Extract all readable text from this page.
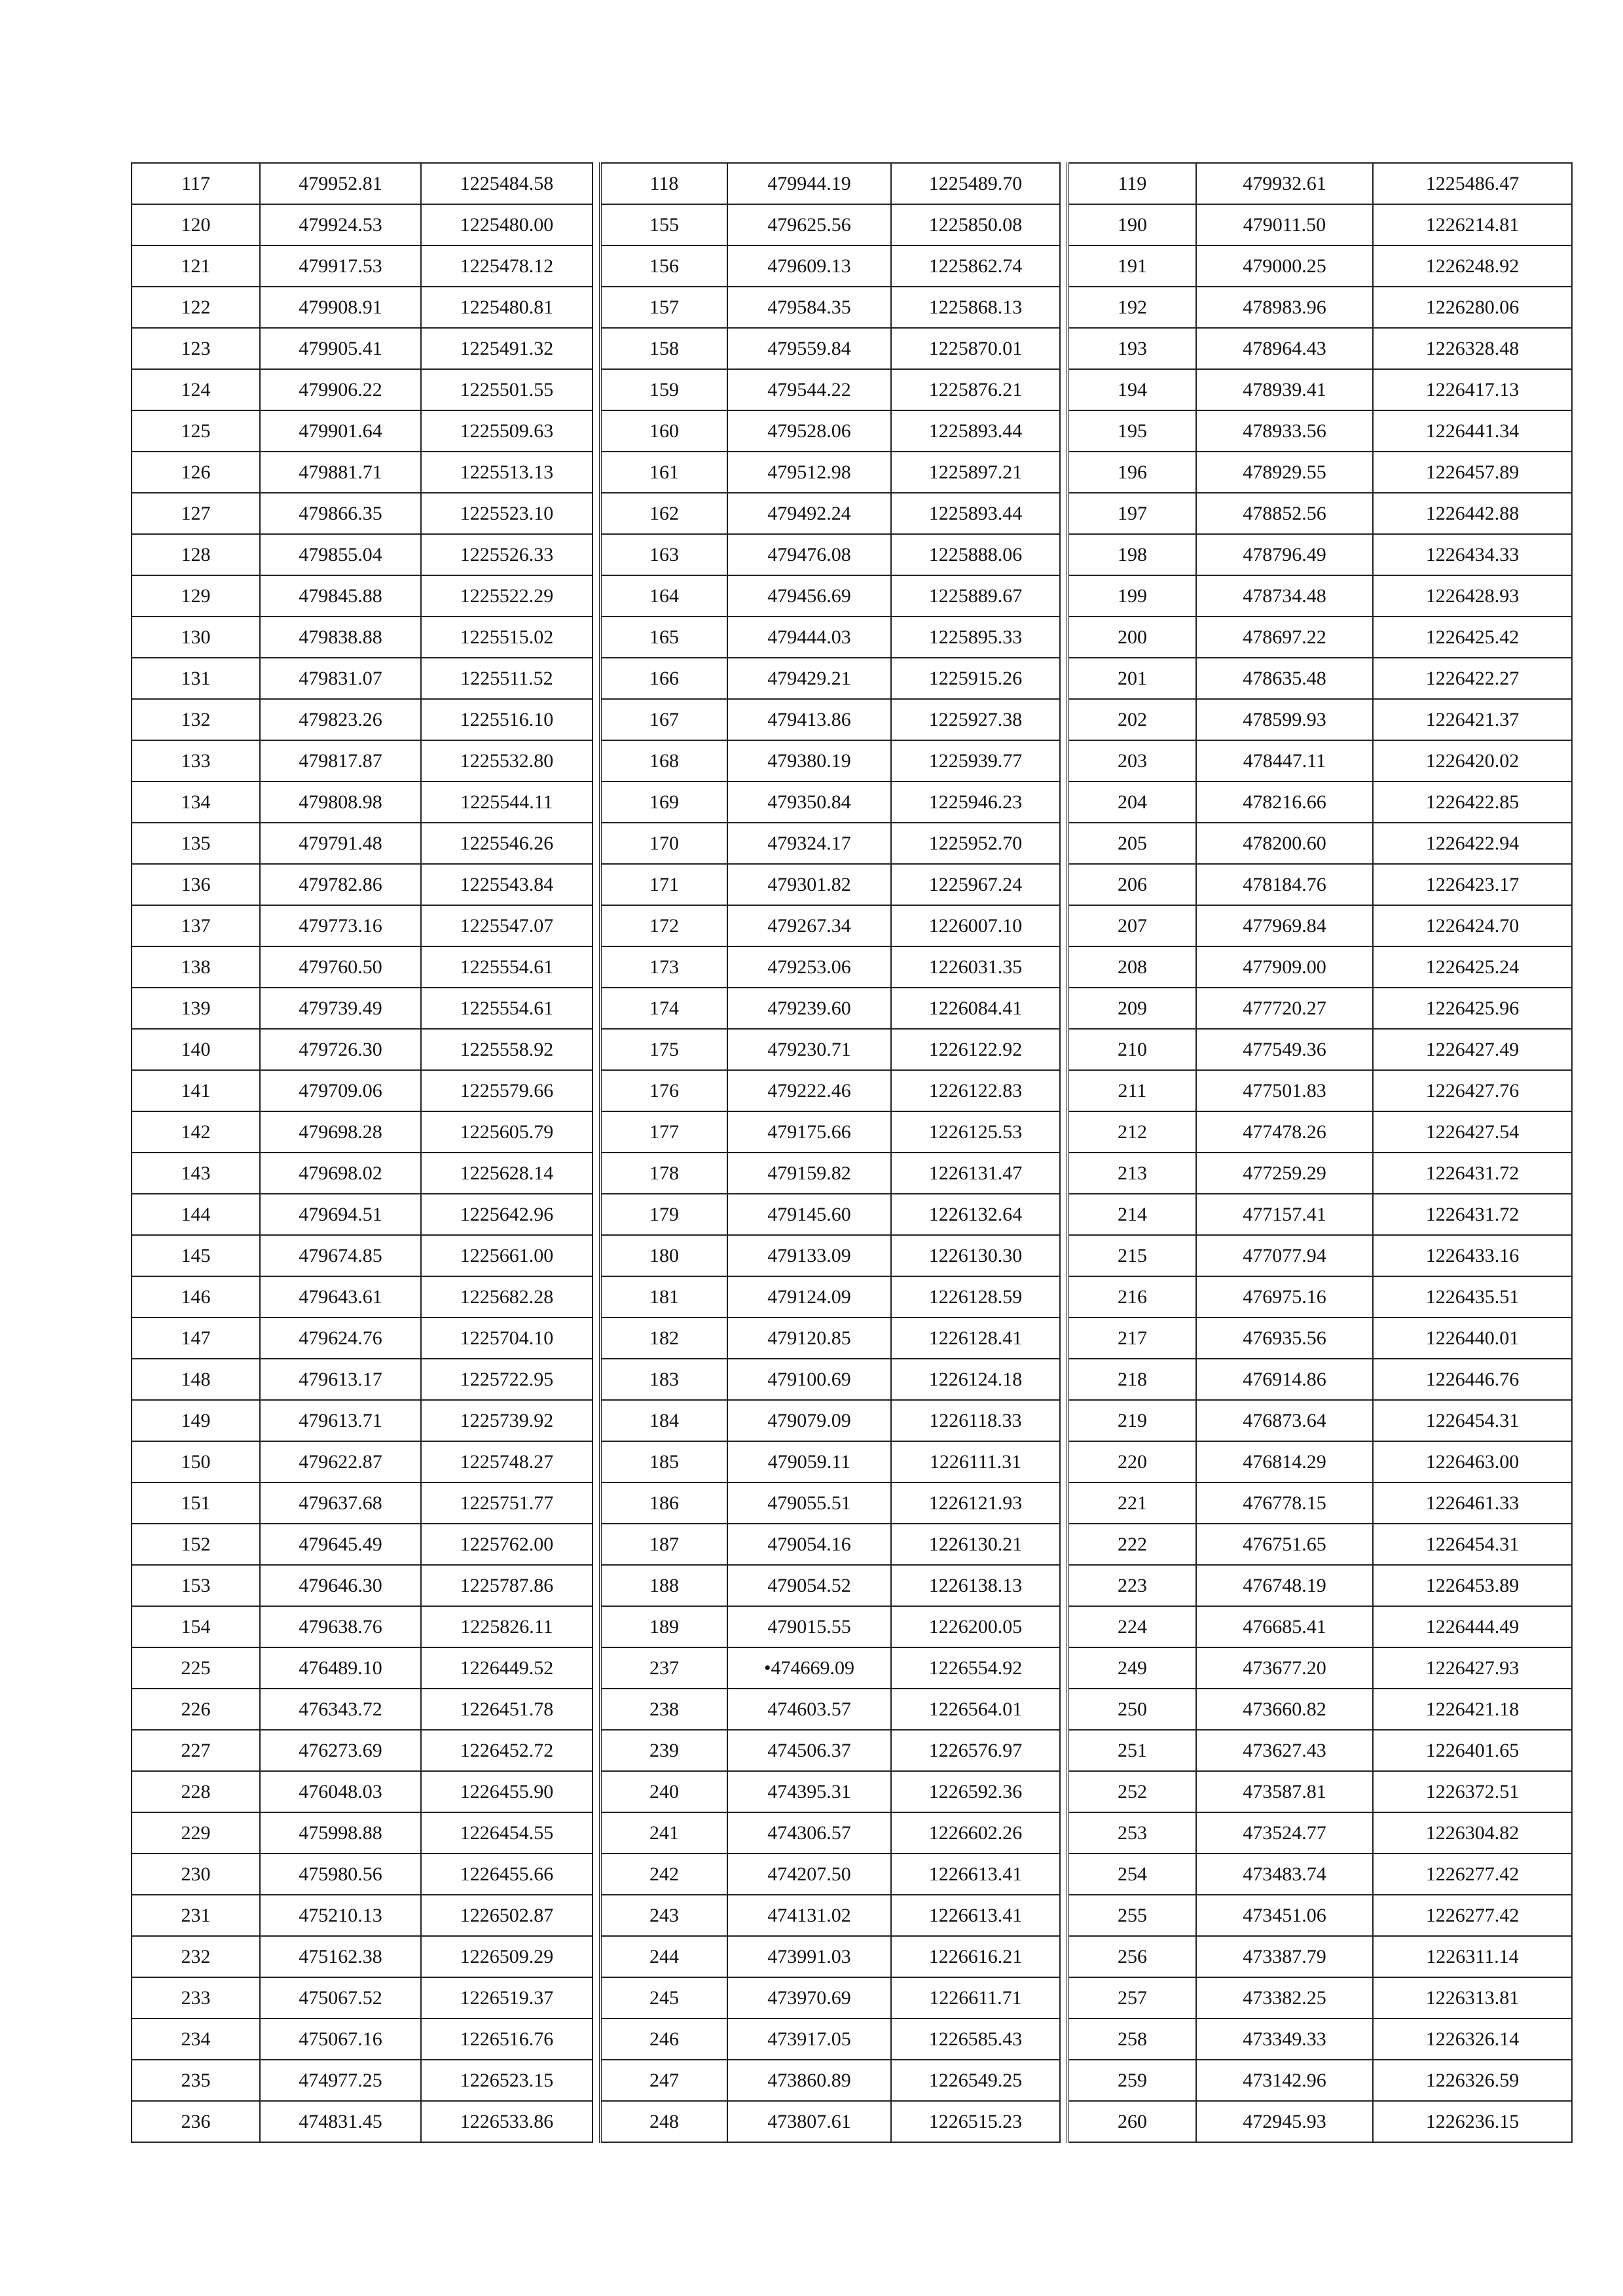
117	479952.81	1225484.58		118	479944.19	1225489.70		119	479932.61	1225486.47
120	479924.53	1225480.00		155	479625.56	1225850.08		190	479011.50	1226214.81
121	479917.53	1225478.12		156	479609.13	1225862.74		191	479000.25	1226248.92
122	479908.91	1225480.81		157	479584.35	1225868.13		192	478983.96	1226280.06
123	479905.41	1225491.32		158	479559.84	1225870.01		193	478964.43	1226328.48
124	479906.22	1225501.55		159	479544.22	1225876.21		194	478939.41	1226417.13
125	479901.64	1225509.63		160	479528.06	1225893.44		195	478933.56	1226441.34
126	479881.71	1225513.13		161	479512.98	1225897.21		196	478929.55	1226457.89
127	479866.35	1225523.10		162	479492.24	1225893.44		197	478852.56	1226442.88
128	479855.04	1225526.33		163	479476.08	1225888.06		198	478796.49	1226434.33
129	479845.88	1225522.29		164	479456.69	1225889.67		199	478734.48	1226428.93
130	479838.88	1225515.02		165	479444.03	1225895.33		200	478697.22	1226425.42
131	479831.07	1225511.52		166	479429.21	1225915.26		201	478635.48	1226422.27
132	479823.26	1225516.10		167	479413.86	1225927.38		202	478599.93	1226421.37
133	479817.87	1225532.80		168	479380.19	1225939.77		203	478447.11	1226420.02
134	479808.98	1225544.11		169	479350.84	1225946.23		204	478216.66	1226422.85
135	479791.48	1225546.26		170	479324.17	1225952.70		205	478200.60	1226422.94
136	479782.86	1225543.84		171	479301.82	1225967.24		206	478184.76	1226423.17
137	479773.16	1225547.07		172	479267.34	1226007.10		207	477969.84	1226424.70
138	479760.50	1225554.61		173	479253.06	1226031.35		208	477909.00	1226425.24
139	479739.49	1225554.61		174	479239.60	1226084.41		209	477720.27	1226425.96
140	479726.30	1225558.92		175	479230.71	1226122.92		210	477549.36	1226427.49
141	479709.06	1225579.66		176	479222.46	1226122.83		211	477501.83	1226427.76
142	479698.28	1225605.79		177	479175.66	1226125.53		212	477478.26	1226427.54
143	479698.02	1225628.14		178	479159.82	1226131.47		213	477259.29	1226431.72
144	479694.51	1225642.96		179	479145.60	1226132.64		214	477157.41	1226431.72
145	479674.85	1225661.00		180	479133.09	1226130.30		215	477077.94	1226433.16
146	479643.61	1225682.28		181	479124.09	1226128.59		216	476975.16	1226435.51
147	479624.76	1225704.10		182	479120.85	1226128.41		217	476935.56	1226440.01
148	479613.17	1225722.95		183	479100.69	1226124.18		218	476914.86	1226446.76
149	479613.71	1225739.92		184	479079.09	1226118.33		219	476873.64	1226454.31
150	479622.87	1225748.27		185	479059.11	1226111.31		220	476814.29	1226463.00
151	479637.68	1225751.77		186	479055.51	1226121.93		221	476778.15	1226461.33
152	479645.49	1225762.00		187	479054.16	1226130.21		222	476751.65	1226454.31
153	479646.30	1225787.86		188	479054.52	1226138.13		223	476748.19	1226453.89
154	479638.76	1225826.11		189	479015.55	1226200.05		224	476685.41	1226444.49
225	476489.10	1226449.52		237	•474669.09	1226554.92		249	473677.20	1226427.93
226	476343.72	1226451.78		238	474603.57	1226564.01		250	473660.82	1226421.18
227	476273.69	1226452.72		239	474506.37	1226576.97		251	473627.43	1226401.65
228	476048.03	1226455.90		240	474395.31	1226592.36		252	473587.81	1226372.51
229	475998.88	1226454.55		241	474306.57	1226602.26		253	473524.77	1226304.82
230	475980.56	1226455.66		242	474207.50	1226613.41		254	473483.74	1226277.42
231	475210.13	1226502.87		243	474131.02	1226613.41		255	473451.06	1226277.42
232	475162.38	1226509.29		244	473991.03	1226616.21		256	473387.79	1226311.14
233	475067.52	1226519.37		245	473970.69	1226611.71		257	473382.25	1226313.81
234	475067.16	1226516.76		246	473917.05	1226585.43		258	473349.33	1226326.14
235	474977.25	1226523.15		247	473860.89	1226549.25		259	473142.96	1226326.59
236	474831.45	1226533.86		248	473807.61	1226515.23		260	472945.93	1226236.15
